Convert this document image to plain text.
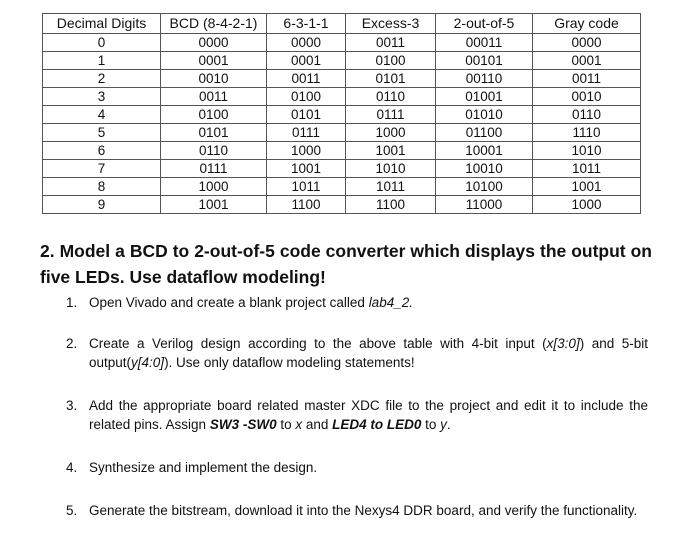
Decimal Digits	BCD (8-4-2-1)	6-3-1-1	Excess-3	2-out-of-5	Gray code
0	0000	0000	0011	00011	0000
1	0001	0001	0100	00101	0001
2	0010	0011	0101	00110	0011
3	0011	0100	0110	01001	0010
4	0100	0101	0111	01010	0110
5	0101	0111	1000	01100	1110
6	0110	1000	1001	10001	1010
7	0111	1001	1010	10010	1011
8	1000	1011	1011	10100	1001
9	1001	1100	1100	11000	1000

2. Model a BCD to 2-out-of-5 code converter which displays the output on five LEDs. Use dataflow modeling!

1. Open Vivado and create a blank project called lab4_2.
2. Create a Verilog design according to the above table with 4-bit input (x[3:0]) and 5-bit output(y[4:0]). Use only dataflow modeling statements!
3. Add the appropriate board related master XDC file to the project and edit it to include the related pins. Assign SW3 -SW0 to x and LED4 to LED0 to y.
4. Synthesize and implement the design.
5. Generate the bitstream, download it into the Nexys4 DDR board, and verify the functionality.
